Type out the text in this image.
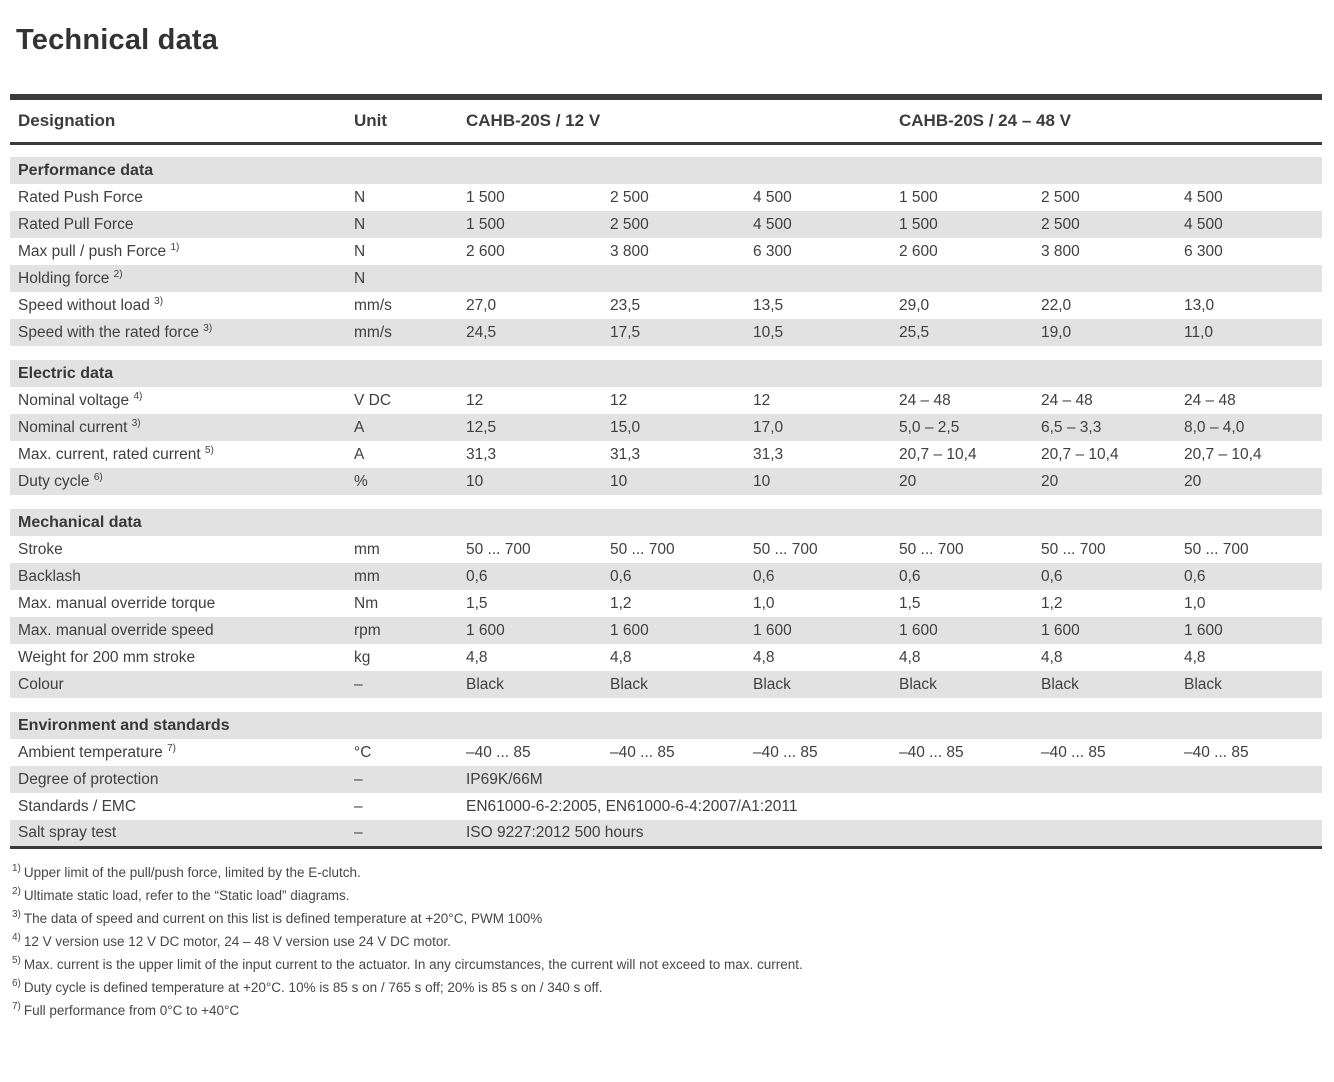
Technical data
Designation	Unit	CAHB-20S / 12 V			CAHB-20S / 24 – 48 V		

Performance data							
Rated Push Force	N	1 500	2 500	4 500	1 500	2 500	4 500
Rated Pull Force	N	1 500	2 500	4 500	1 500	2 500	4 500
Max pull / push Force $^{1)}$	N	2 600	3 800	6 300	2 600	3 800	6 300
Holding force $^{2)}$	N						
Speed without load $^{3)}$	mm/s	27,0	23,5	13,5	29,0	22,0	13,0
Speed with the rated force $^{3)}$	mm/s	24,5	17,5	10,5	25,5	19,0	11,0

Electric data							
Nominal voltage $^{4)}$	V DC	12	12	12	24 – 48	24 – 48	24 – 48
Nominal current $^{3)}$	A	12,5	15,0	17,0	5,0 – 2,5	6,5 – 3,3	8,0 – 4,0
Max. current, rated current $^{5)}$	A	31,3	31,3	31,3	20,7 – 10,4	20,7 – 10,4	20,7 – 10,4
Duty cycle $^{6)}$	%	10	10	10	20	20	20

Mechanical data							
Stroke	mm	50 ... 700	50 ... 700	50 ... 700	50 ... 700	50 ... 700	50 ... 700
Backlash	mm	0,6	0,6	0,6	0,6	0,6	0,6
Max. manual override torque	Nm	1,5	1,2	1,0	1,5	1,2	1,0
Max. manual override speed	rpm	1 600	1 600	1 600	1 600	1 600	1 600
Weight for 200 mm stroke	kg	4,8	4,8	4,8	4,8	4,8	4,8
Colour	–	Black	Black	Black	Black	Black	Black

Environment and standards							
Ambient temperature $^{7)}$	°C	–40 ... 85	–40 ... 85	–40 ... 85	–40 ... 85	–40 ... 85	–40 ... 85
Degree of protection	–	IP69K/66M					
Standards / EMC	–	EN61000-6-2:2005, EN61000-6-4:2007/A1:2011					
Salt spray test	–	ISO 9227:2012 500 hours					
$^{1)}$ Upper limit of the pull/push force, limited by the E-clutch.
$^{2)}$ Ultimate static load, refer to the “Static load” diagrams.
$^{3)}$ The data of speed and current on this list is defined temperature at +20°C, PWM 100%
$^{4)}$ 12 V version use 12 V DC motor, 24 – 48 V version use 24 V DC motor.
$^{5)}$ Max. current is the upper limit of the input current to the actuator. In any circumstances, the current will not exceed to max. current.
$^{6)}$ Duty cycle is defined temperature at +20°C. 10% is 85 s on / 765 s off; 20% is 85 s on / 340 s off.
$^{7)}$ Full performance from 0°C to +40°C
